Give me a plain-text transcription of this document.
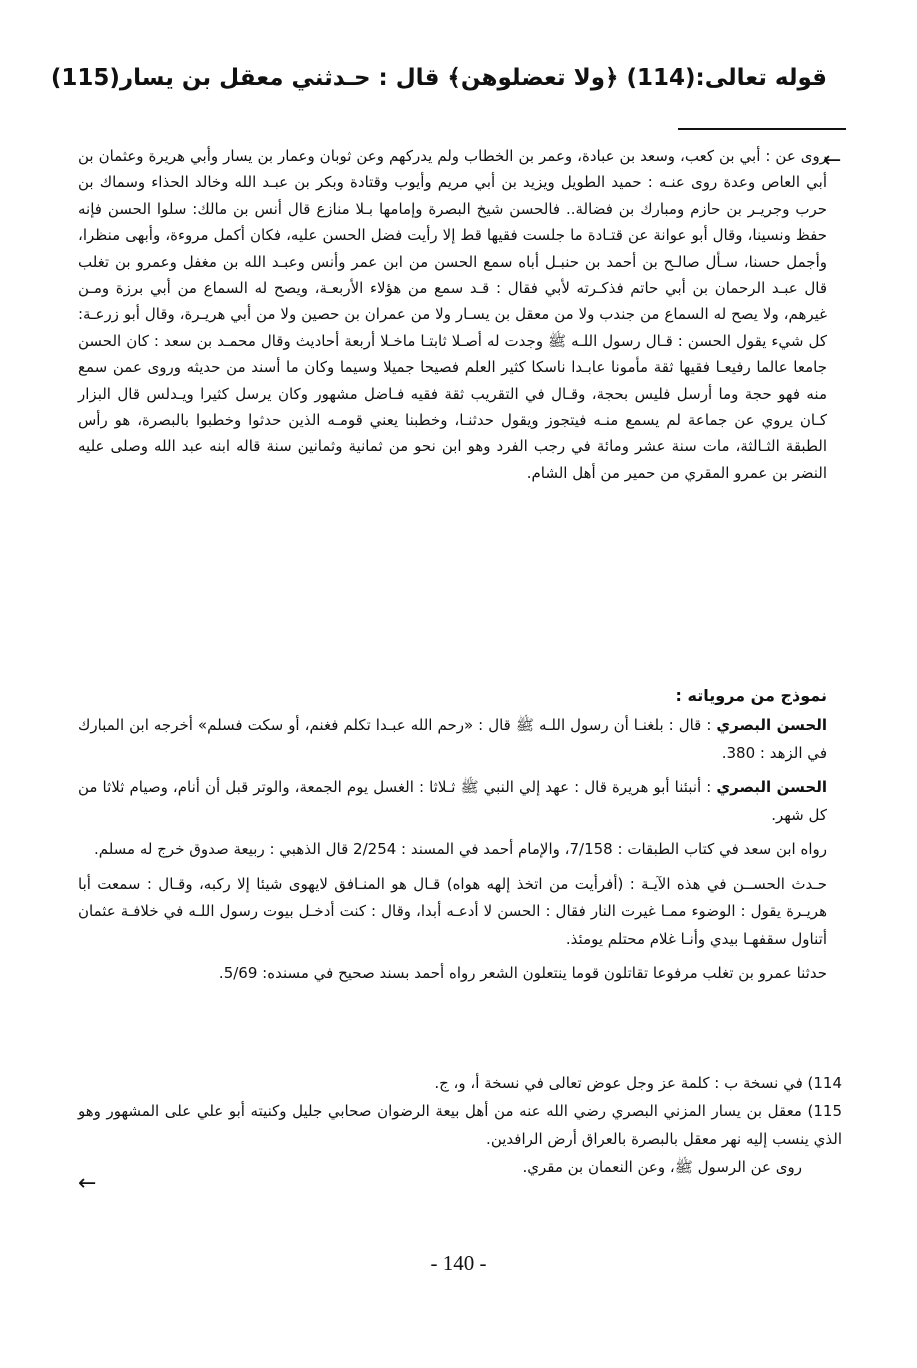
قوله تعالى:(114) ﴿ولا تعضلوهن﴾ قال : حـدثني معقل بن يسار(115)
←
روى عن : أبي بن كعب، وسعد بن عبادة، وعمر بن الخطاب ولم يدركهم وعن ثوبان وعمار بن يسار وأبي هريرة وعثمان بن أبي العاص وعدة روى عنـه : حميد الطويل ويزيد بن أبي مريم وأيوب وقتادة وبكر بن عبـد الله وخالد الحذاء وسماك بن حرب وجريـر بن حازم ومبارك بن فضالة.. فالحسن شيخ البصرة وإمامها بـلا منازع قال أنس بن مالك: سلوا الحسن فإنه حفظ ونسينا، وقال أبو عوانة عن قتـادة ما جلست فقيها قط إلا رأيت فضل الحسن عليه، فكان أكمل مروءة، وأبهى منظرا، وأجمل حسنا، سـأل صالـح بن أحمد بن حنبـل أباه سمع الحسن من ابن عمر وأنس وعبـد الله بن مغفل وعمرو بن تغلب قال عبـد الرحمان بن أبي حاتم فذكـرته لأبي فقال : قـد سمع من هؤلاء الأربعـة، ويصح له السماع من أبي برزة ومـن غيرهم، ولا يصح له السماع من جندب ولا من معقل بن يسـار ولا من عمران بن حصين ولا من أبي هريـرة، وقال أبو زرعـة: كل شيء يقول الحسن : قـال رسول اللـه ﷺ وجدت له أصـلا ثابتـا ماخـلا أربعة أحاديث وقال محمـد بن سعد : كان الحسن جامعا عالما رفيعـا فقيها ثقة مأمونا عابـدا ناسكا كثير العلم فصيحا جميلا وسيما وكان ما أسند من حديثه وروى عمن سمع منه فهو حجة وما أرسل فليس بحجة، وقـال في التقريب ثقة فقيه فـاضل مشهور وكان يرسل كثيرا ويـدلس قال البزار كـان يروي عن جماعة لم يسمع منـه فيتجوز ويقول حدثنـا، وخطبنا يعني قومـه الذين حدثوا وخطبوا بالبصرة، هو رأس الطبقة الثـالثة، مات سنة عشر ومائة في رجب الفرد وهو ابن نحو من ثمانية وثمانين سنة قاله ابنه عبد الله وصلى عليه النضر بن عمرو المقري من حمير من أهل الشام.
نموذج من مروياته :

الحسن البصري : قال : بلغنـا أن رسول اللـه ﷺ قال : «رحم الله عبـدا تكلم فغنم، أو سكت فسلم» أخرجه ابن المبارك في الزهد : 380.

الحسن البصري : أنبئنا أبو هريرة قال : عهد إلي النبي ﷺ ثـلاثا : الغسل يوم الجمعة، والوتر قبل أن أنام، وصيام ثلاثا من كل شهر.

رواه ابن سعد في كتاب الطبقات : 7/158، والإمام أحمد في المسند : 2/254 قال الذهبي : ربيعة صدوق خرج له مسلم.

حـدث الحســن في هذه الآيـة : (أفرأيت من اتخذ إلهه هواه) قـال هو المنـافق لايهوى شيئا إلا ركبه، وقـال : سمعت أبا هريـرة يقول : الوضوء ممـا غيرت النار فقال : الحسن لا أدعـه أبدا، وقال : كنت أدخـل بيوت رسول اللـه في خلافـة عثمان أتناول سقفهـا بيدي وأنـا غلام محتلم يومئذ.

حدثنا عمرو بن تغلب مرفوعا تقاتلون قوما ينتعلون الشعر رواه أحمد بسند صحيح في مسنده: 5/69.

114) في نسخة ب : كلمة عز وجل عوض تعالى في نسخة أ، و، ج.

115) معقل بن يسار المزني البصري رضي الله عنه من أهل بيعة الرضوان صحابي جليل وكنيته أبو علي على المشهور وهو الذي ينسب إليه نهر معقل بالبصرة بالعراق أرض الرافدين.

روى عن الرسول ﷺ، وعن النعمان بن مقري.

←
- 140 -
